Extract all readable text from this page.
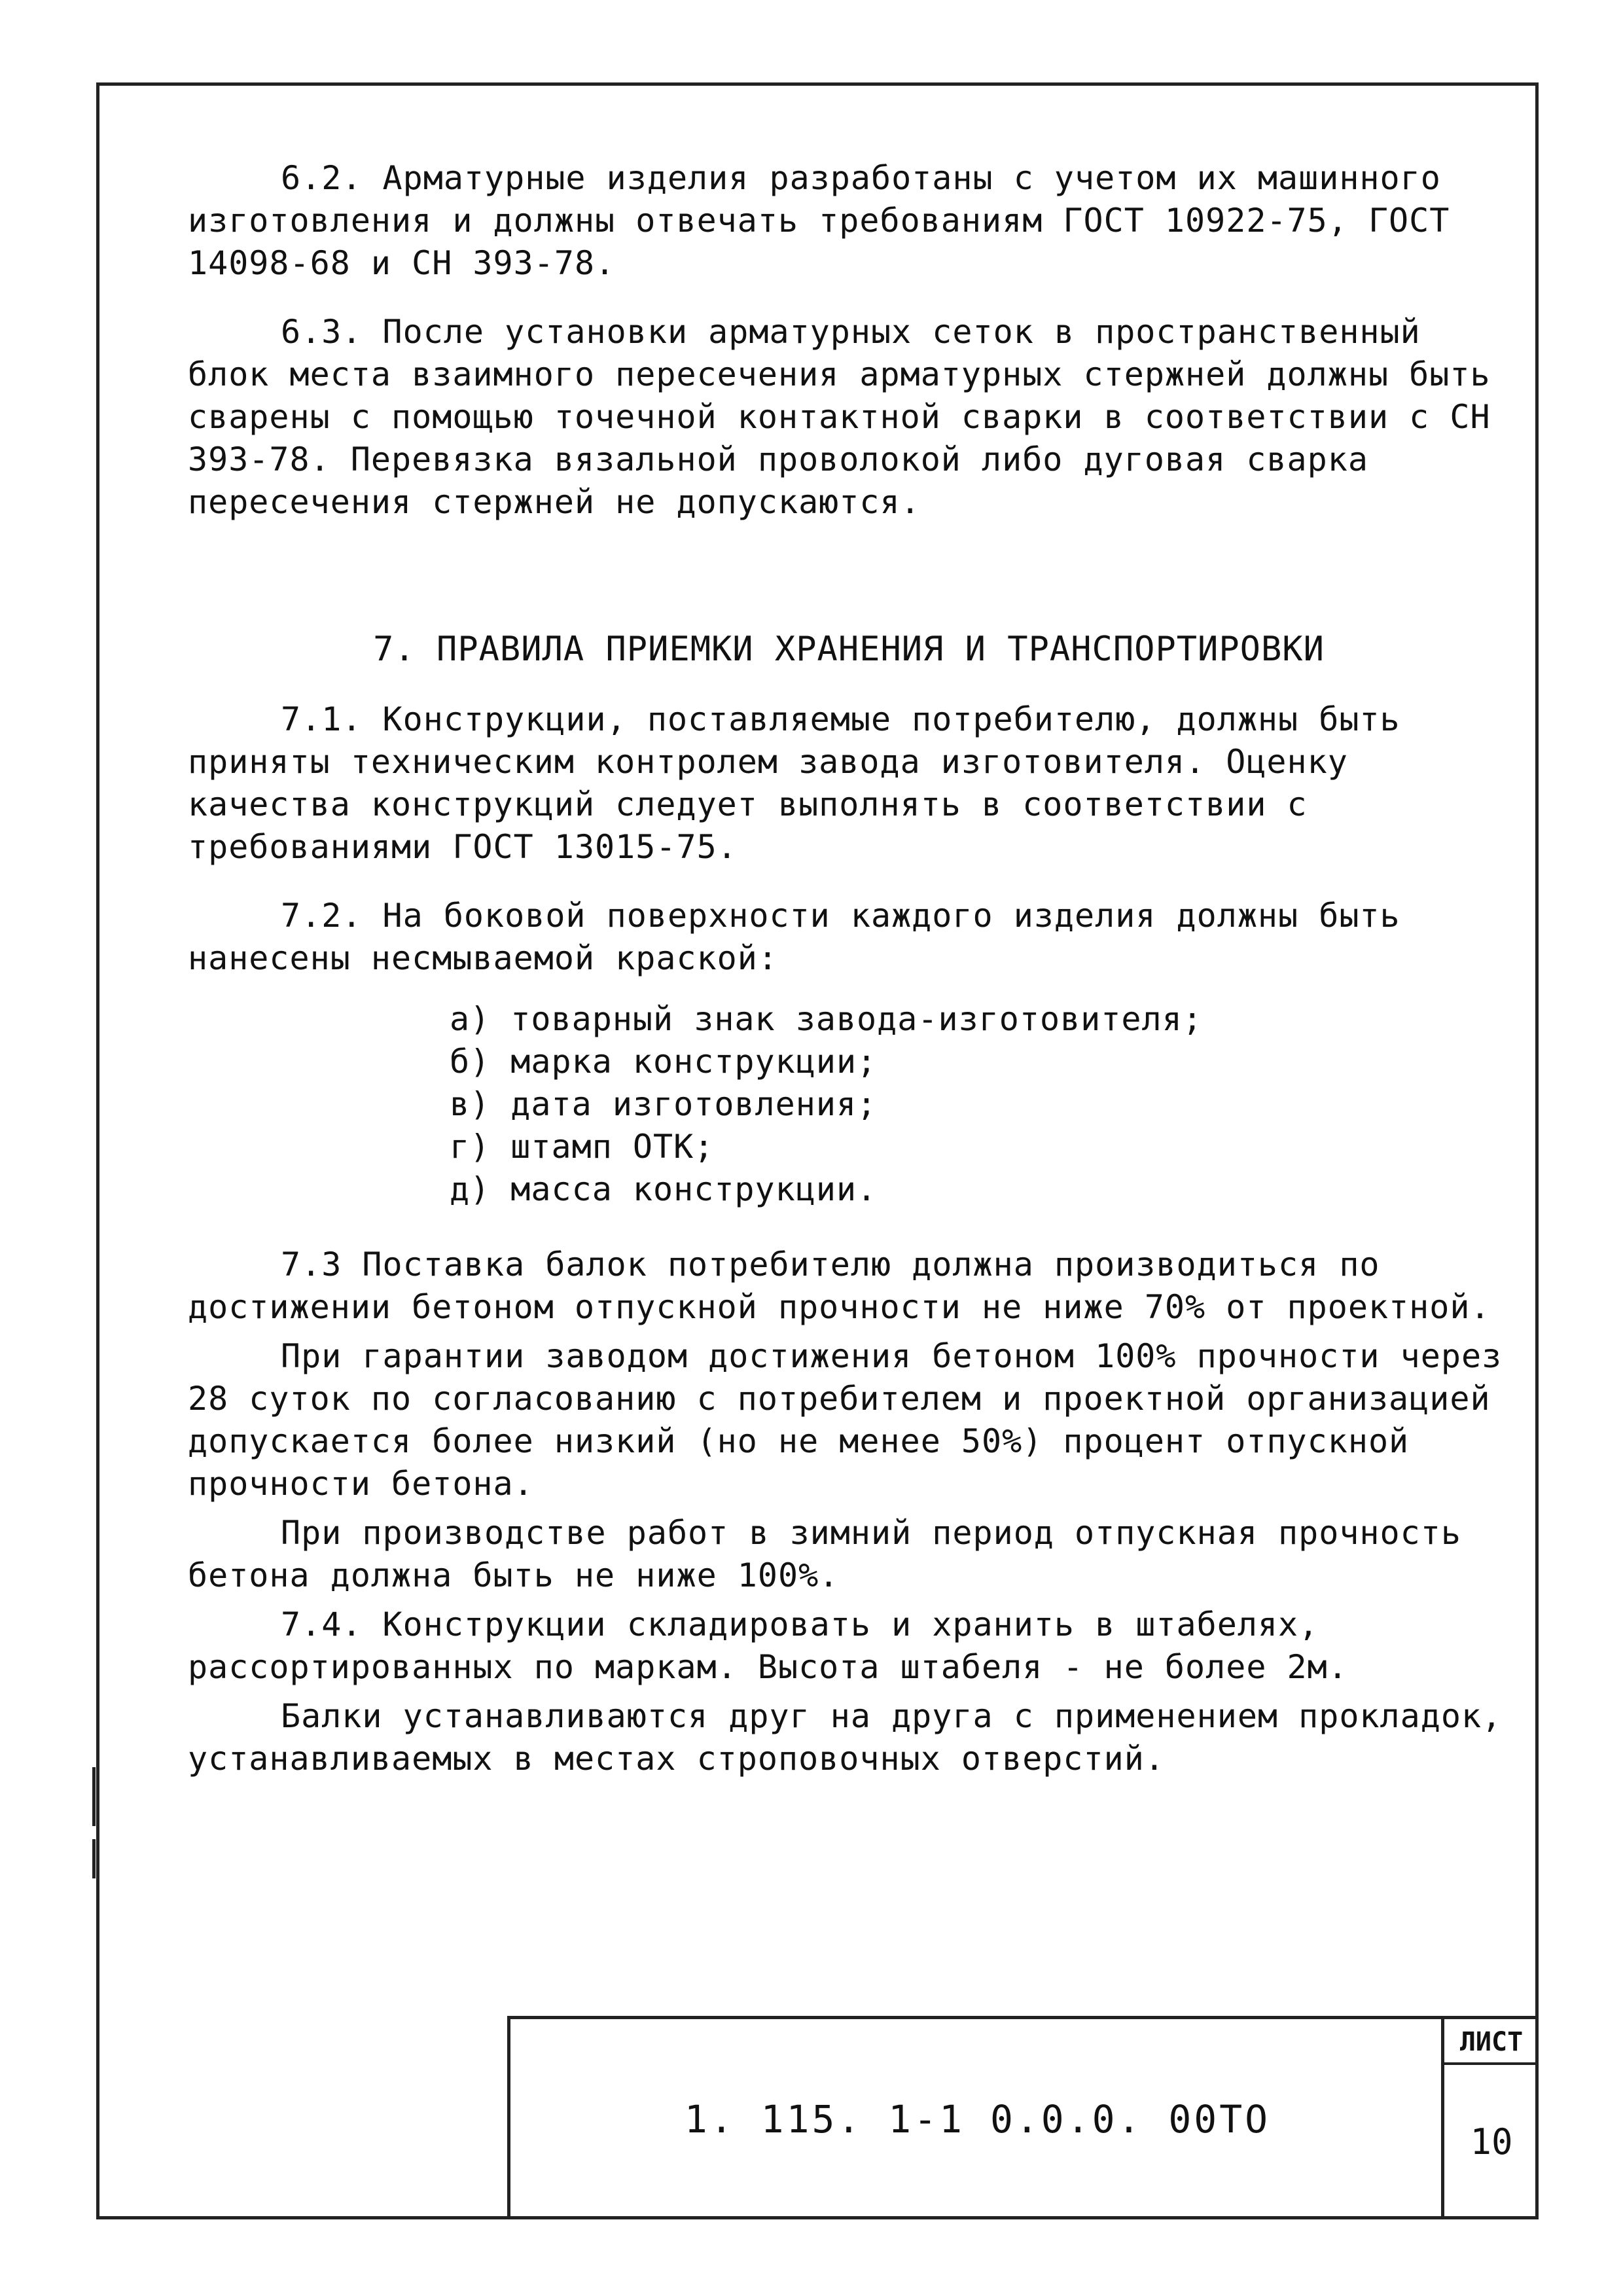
6.2. Арматурные изделия разработаны с учетом их машинного изготовления и должны отвечать требованиям ГОСТ 10922-75, ГОСТ 14098-68 и СН 393-78.

6.3. После установки арматурных сеток в пространственный блок места взаимного пересечения арматурных стержней должны быть сварены с помощью точечной контактной сварки в соответствии с СН 393-78. Перевязка вязальной проволокой либо дуговая сварка пересечения стержней не допускаются.

7. ПРАВИЛА ПРИЕМКИ ХРАНЕНИЯ И ТРАНСПОРТИРОВКИ

7.1. Конструкции, поставляемые потребителю, должны быть приняты техническим контролем завода изготовителя. Оценку качества конструкций следует выполнять в соответствии с требованиями ГОСТ 13015-75.

7.2. На боковой поверхности каждого изделия должны быть нанесены несмываемой краской:

а) товарный знак завода-изготовителя;
б) марка конструкции;
в) дата изготовления;
г) штамп ОТК;
д) масса конструкции.

7.3 Поставка балок потребителю должна производиться по достижении бетоном отпускной прочности не ниже 70% от проектной.

При гарантии заводом достижения бетоном 100% прочности через 28 суток по согласованию с потребителем и проектной организацией допускается более низкий (но не менее 50%) процент отпускной прочности бетона.

При производстве работ в зимний период отпускная прочность бетона должна быть не ниже 100%.

7.4. Конструкции складировать и хранить в штабелях, рассортированных по маркам. Высота штабеля - не более 2м.

Балки устанавливаются друг на друга с применением прокладок, устанавливаемых в местах строповочных отверстий.

1. 115. 1-1 0.0.0. 00ТО
ЛИСТ
10
